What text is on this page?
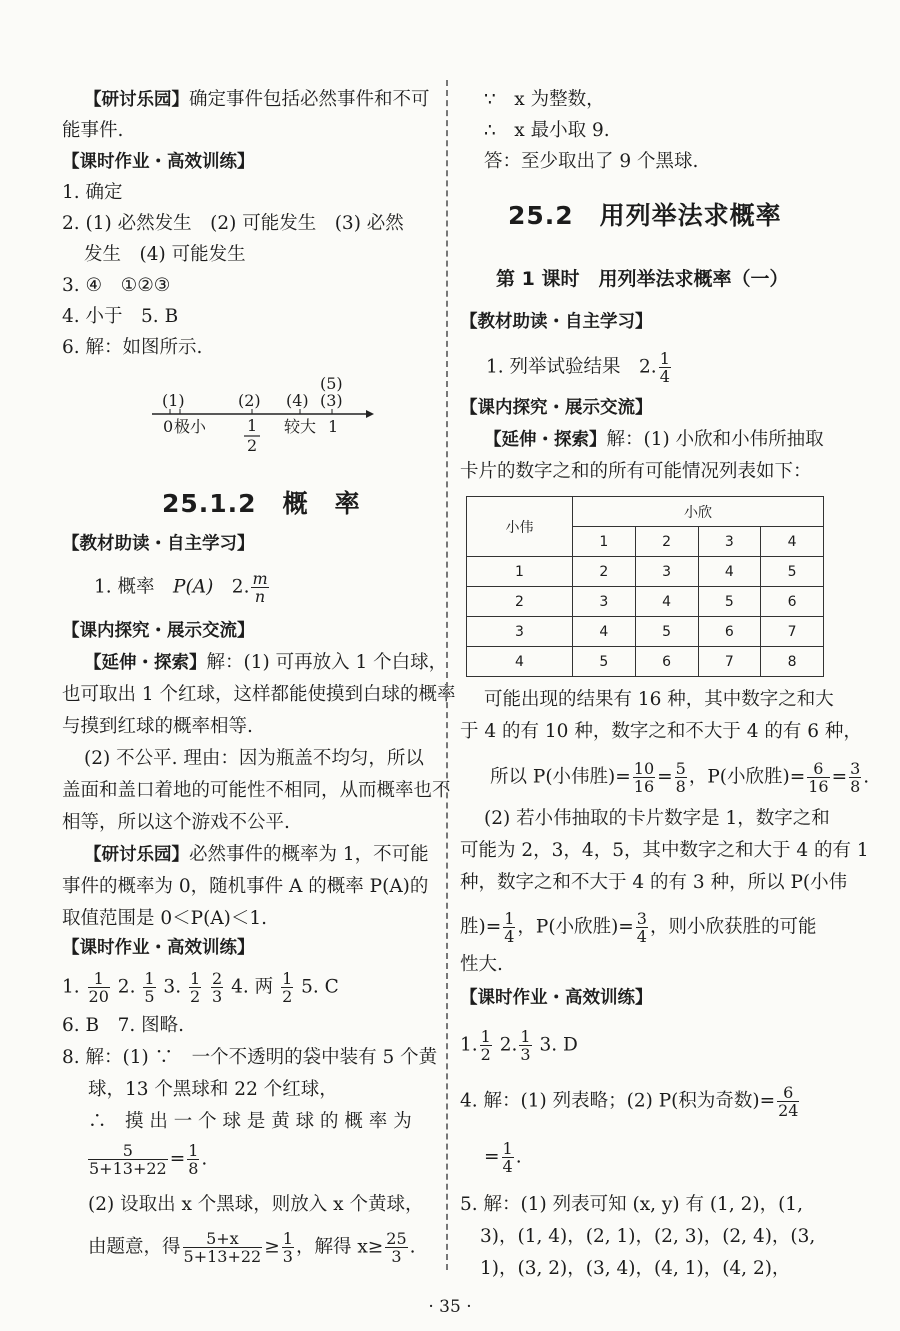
【研讨乐园】确定事件包括必然事件和不可
能事件.
【课时作业・高效训练】
1. 确定
2. (1) 必然发生　(2) 可能发生　(3) 必然
发生　(4) 可能发生
3. ④　①②③
4. 小于　5. B
6. 解：如图所示.
(1)	(2) (4)
(5)
(3)
0 极小	较大 1
1
2
25.1.2　概　率
【教材助读・自主学习】
1. 概率　P(A)　2. $\frac{m}{n}$
【课内探究・展示交流】
【延伸・探索】解：(1) 可再放入 1 个白球，
也可取出 1 个红球，这样都能使摸到白球的概率
与摸到红球的概率相等.
(2) 不公平. 理由：因为瓶盖不均匀，所以
盖面和盖口着地的可能性不相同，从而概率也不
相等，所以这个游戏不公平.
【研讨乐园】必然事件的概率为 1，不可能
事件的概率为 0，随机事件 A 的概率 P(A)的
取值范围是 0＜P(A)＜1.
【课时作业・高效训练】
1. $\frac{1}{20} 2$. $\frac{1}{5} 3$. $\frac{1}{2}$
$\frac{2}{3} 4$. 两 $\frac{1}{2} 5$. C
6. B　7. 图略.
8. 解：(1) ∵　一个不透明的袋中装有 5 个黄
球，13 个黑球和 22 个红球，
∴　摸 出 一 个 球 是 黄 球 的 概 率 为
$\frac{5}{5+13+22} = \frac{1}{8}$ .
(2) 设取出 x 个黑球，则放入 x 个黄球，
由题意，得 $\frac{5+x}{5+13+22} \ge \frac{1}{3}$ ，解得 $x\ge \frac{25}{3}$ .
∵　x 为整数，
∴　x 最小取 9.
答：至少取出了 9 个黑球.
25.2　用列举法求概率
第 1 课时　用列举法求概率（一）
【教材助读・自主学习】
1. 列举试验结果　2. $\frac{1}{4}$
【课内探究・展示交流】
【延伸・探索】解：(1) 小欣和小伟所抽取
卡片的数字之和的所有可能情况列表如下：
小伟	小欣			
	1	2	3	4
1	2	3	4	5
2	3	4	5	6
3	4	5	6	7
4	5	6	7	8
可能出现的结果有 16 种，其中数字之和大
于 4 的有 10 种，数字之和不大于 4 的有 6 种，
所以 P(小伟胜)= $\frac{10}{16} = \frac{5}{8}$ ，P(小欣胜)= $\frac{6}{16} = \frac{3}{8}$ .
(2) 若小伟抽取的卡片数字是 1，数字之和
可能为 2，3，4，5，其中数字之和大于 4 的有 1
种，数字之和不大于 4 的有 3 种，所以 P(小伟
胜)= $\frac{1}{4}$ ，P(小欣胜)= $\frac{3}{4}$ ，则小欣获胜的可能
性大.
【课时作业・高效训练】
1. $\frac{1}{2} 2$. $\frac{1}{3} 3$. D
4. 解：(1) 列表略；(2) P(积为奇数)= $\frac{6}{24}$
= $\frac{1}{4}$ .
5. 解：(1) 列表可知 (x, y) 有 (1, 2)，(1,
3)，(1, 4)，(2, 1)，(2, 3)，(2, 4)，(3,
1)，(3, 2)，(3, 4)，(4, 1)，(4, 2)，
· 35 ·
